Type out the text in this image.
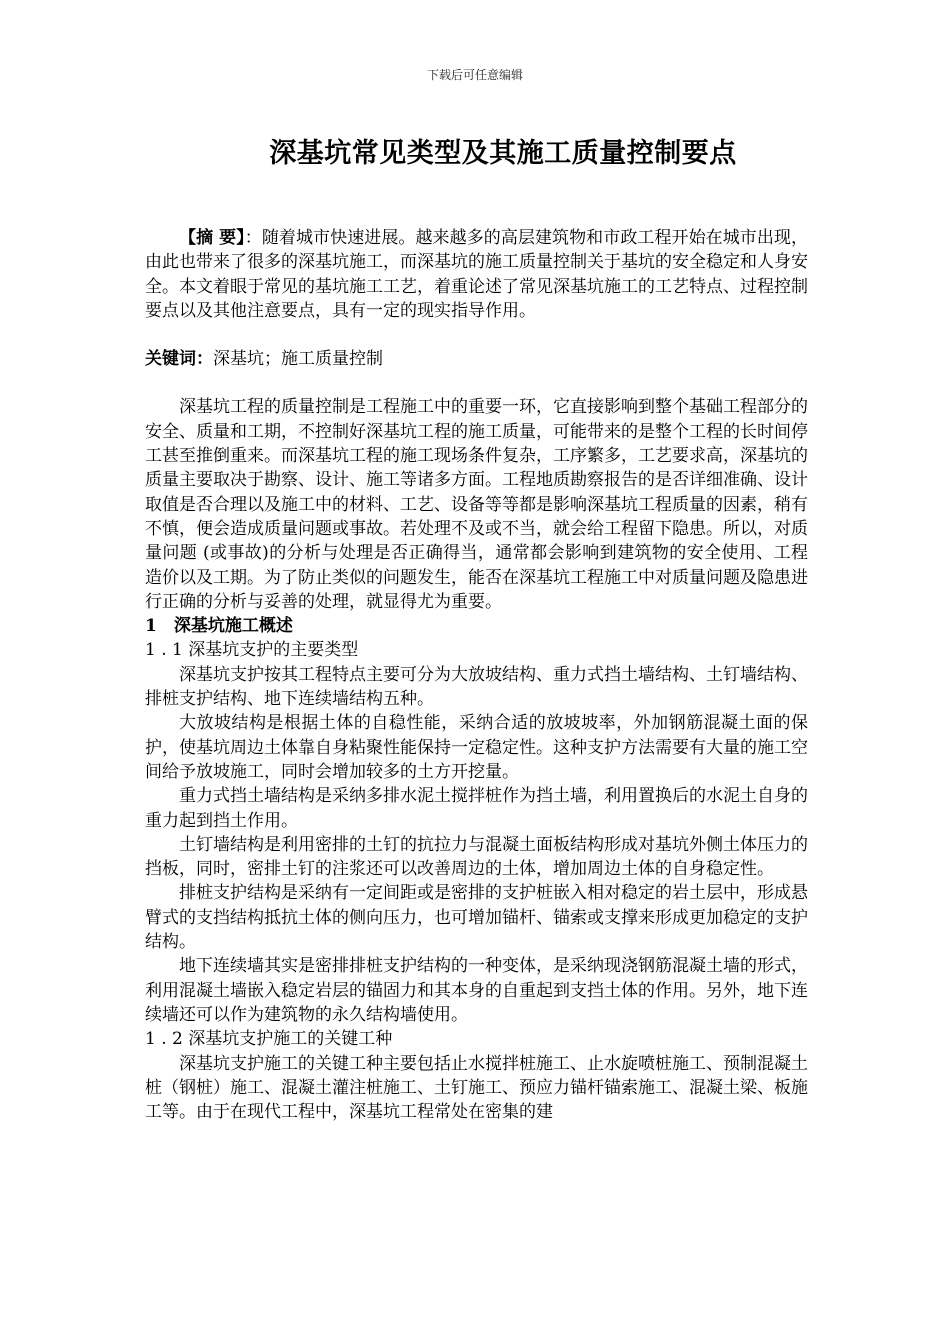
下载后可任意编辑
深基坑常见类型及其施工质量控制要点

【摘 要】：随着城市快速进展。越来越多的高层建筑物和市政工程开始在城市出现，由此也带来了很多的深基坑施工，而深基坑的施工质量控制关于基坑的安全稳定和人身安全。本文着眼于常见的基坑施工工艺，着重论述了常见深基坑施工的工艺特点、过程控制要点以及其他注意要点，具有一定的现实指导作用。

关键词：深基坑；施工质量控制

深基坑工程的质量控制是工程施工中的重要一环，它直接影响到整个基础工程部分的安全、质量和工期，不控制好深基坑工程的施工质量，可能带来的是整个工程的长时间停工甚至推倒重来。而深基坑工程的施工现场条件复杂，工序繁多，工艺要求高，深基坑的质量主要取决于勘察、设计、施工等诸多方面。工程地质勘察报告的是否详细准确、设计取值是否合理以及施工中的材料、工艺、设备等等都是影响深基坑工程质量的因素，稍有不慎，便会造成质量问题或事故。若处理不及或不当，就会给工程留下隐患。所以，对质量问题 (或事故)的分析与处理是否正确得当，通常都会影响到建筑物的安全使用、工程造价以及工期。为了防止类似的问题发生，能否在深基坑工程施工中对质量问题及隐患进行正确的分析与妥善的处理，就显得尤为重要。

1　深基坑施工概述

1 . 1 深基坑支护的主要类型

深基坑支护按其工程特点主要可分为大放坡结构、重力式挡土墙结构、土钉墙结构、排桩支护结构、地下连续墙结构五种。

大放坡结构是根据土体的自稳性能，采纳合适的放坡坡率，外加钢筋混凝土面的保护，使基坑周边土体靠自身粘聚性能保持一定稳定性。这种支护方法需要有大量的施工空间给予放坡施工，同时会增加较多的土方开挖量。

重力式挡土墙结构是采纳多排水泥土搅拌桩作为挡土墙，利用置换后的水泥土自身的重力起到挡土作用。

土钉墙结构是利用密排的土钉的抗拉力与混凝土面板结构形成对基坑外侧土体压力的挡板，同时，密排土钉的注浆还可以改善周边的土体，增加周边土体的自身稳定性。

排桩支护结构是采纳有一定间距或是密排的支护桩嵌入相对稳定的岩土层中，形成悬臂式的支挡结构抵抗土体的侧向压力，也可增加锚杆、锚索或支撑来形成更加稳定的支护结构。

地下连续墙其实是密排排桩支护结构的一种变体，是采纳现浇钢筋混凝土墙的形式，利用混凝土墙嵌入稳定岩层的锚固力和其本身的自重起到支挡土体的作用。另外，地下连续墙还可以作为建筑物的永久结构墙使用。

1 . 2 深基坑支护施工的关键工种

深基坑支护施工的关键工种主要包括止水搅拌桩施工、止水旋喷桩施工、预制混凝土桩（钢桩）施工、混凝土灌注桩施工、土钉施工、预应力锚杆锚索施工、混凝土梁、板施工等。由于在现代工程中，深基坑工程常处在密集的建
